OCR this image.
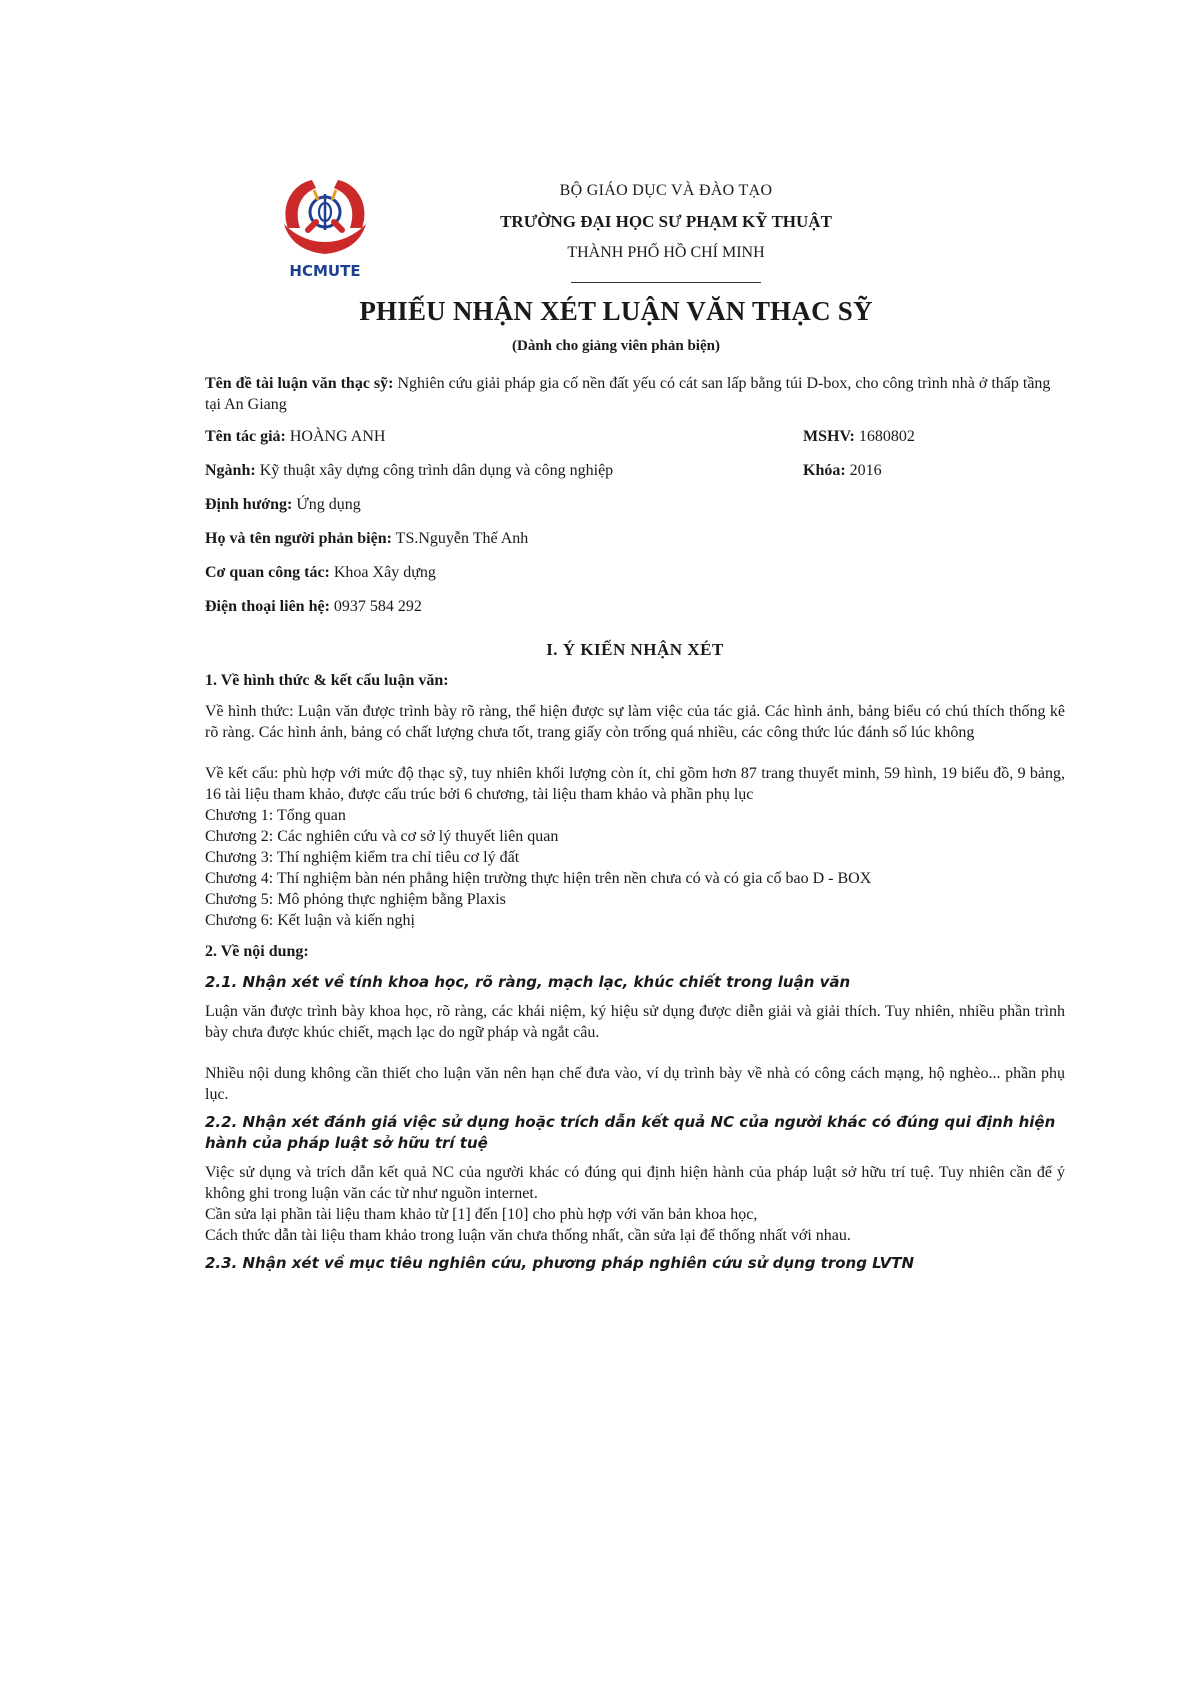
HCMUTE
BỘ GIÁO DỤC VÀ ĐÀO TẠO
TRƯỜNG ĐẠI HỌC SƯ PHẠM KỸ THUẬT
THÀNH PHỐ HỒ CHÍ MINH
PHIẾU NHẬN XÉT LUẬN VĂN THẠC SỸ
(Dành cho giảng viên phản biện)

Tên đề tài luận văn thạc sỹ: Nghiên cứu giải pháp gia cố nền đất yếu có cát san lấp bằng túi D-box, cho công trình nhà ở thấp tầng tại An Giang

Tên tác giả: HOÀNG ANH	MSHV: 1680802
Ngành: Kỹ thuật xây dựng công trình dân dụng và công nghiệp	Khóa: 2016

Định hướng: Ứng dụng

Họ và tên người phản biện: TS.Nguyễn Thế Anh

Cơ quan công tác: Khoa Xây dựng

Điện thoại liên hệ: 0937 584 292

I. Ý KIẾN NHẬN XÉT
1. Về hình thức & kết cấu luận văn:

Về hình thức: Luận văn được trình bày rõ ràng, thể hiện được sự làm việc của tác giả. Các hình ảnh, bảng biểu có chú thích thống kê rõ ràng. Các hình ảnh, bảng có chất lượng chưa tốt, trang giấy còn trống quá nhiều, các công thức lúc đánh số lúc không

Về kết cấu: phù hợp với mức độ thạc sỹ, tuy nhiên khối lượng còn ít, chỉ gồm hơn 87 trang thuyết minh, 59 hình, 19 biểu đồ, 9 bảng, 16 tài liệu tham khảo, được cấu trúc bởi 6 chương, tài liệu tham khảo và phần phụ lục

Chương 1: Tổng quan

Chương 2: Các nghiên cứu và cơ sở lý thuyết liên quan

Chương 3: Thí nghiệm kiểm tra chỉ tiêu cơ lý đất

Chương 4: Thí nghiệm bàn nén phẳng hiện trường thực hiện trên nền chưa có và có gia cố bao D - BOX

Chương 5: Mô phỏng thực nghiệm bằng Plaxis

Chương 6: Kết luận và kiến nghị

2. Về nội dung:
2.1. Nhận xét về tính khoa học, rõ ràng, mạch lạc, khúc chiết trong luận văn

Luận văn được trình bày khoa học, rõ ràng, các khái niệm, ký hiệu sử dụng được diễn giải và giải thích. Tuy nhiên, nhiều phần trình bày chưa được khúc chiết, mạch lạc do ngữ pháp và ngắt câu.

Nhiều nội dung không cần thiết cho luận văn nên hạn chế đưa vào, ví dụ trình bày về nhà có công cách mạng, hộ nghèo... phần phụ lục.

2.2. Nhận xét đánh giá việc sử dụng hoặc trích dẫn kết quả NC của người khác có đúng qui định hiện hành của pháp luật sở hữu trí tuệ

Việc sử dụng và trích dẫn kết quả NC của người khác có đúng qui định hiện hành của pháp luật sở hữu trí tuệ. Tuy nhiên cần để ý không ghi trong luận văn các từ như nguồn internet.

Cần sửa lại phần tài liệu tham khảo từ [1] đến [10] cho phù hợp với văn bản khoa học,

Cách thức dẫn tài liệu tham khảo trong luận văn chưa thống nhất, cần sửa lại để thống nhất với nhau.

2.3. Nhận xét về mục tiêu nghiên cứu, phương pháp nghiên cứu sử dụng trong LVTN
